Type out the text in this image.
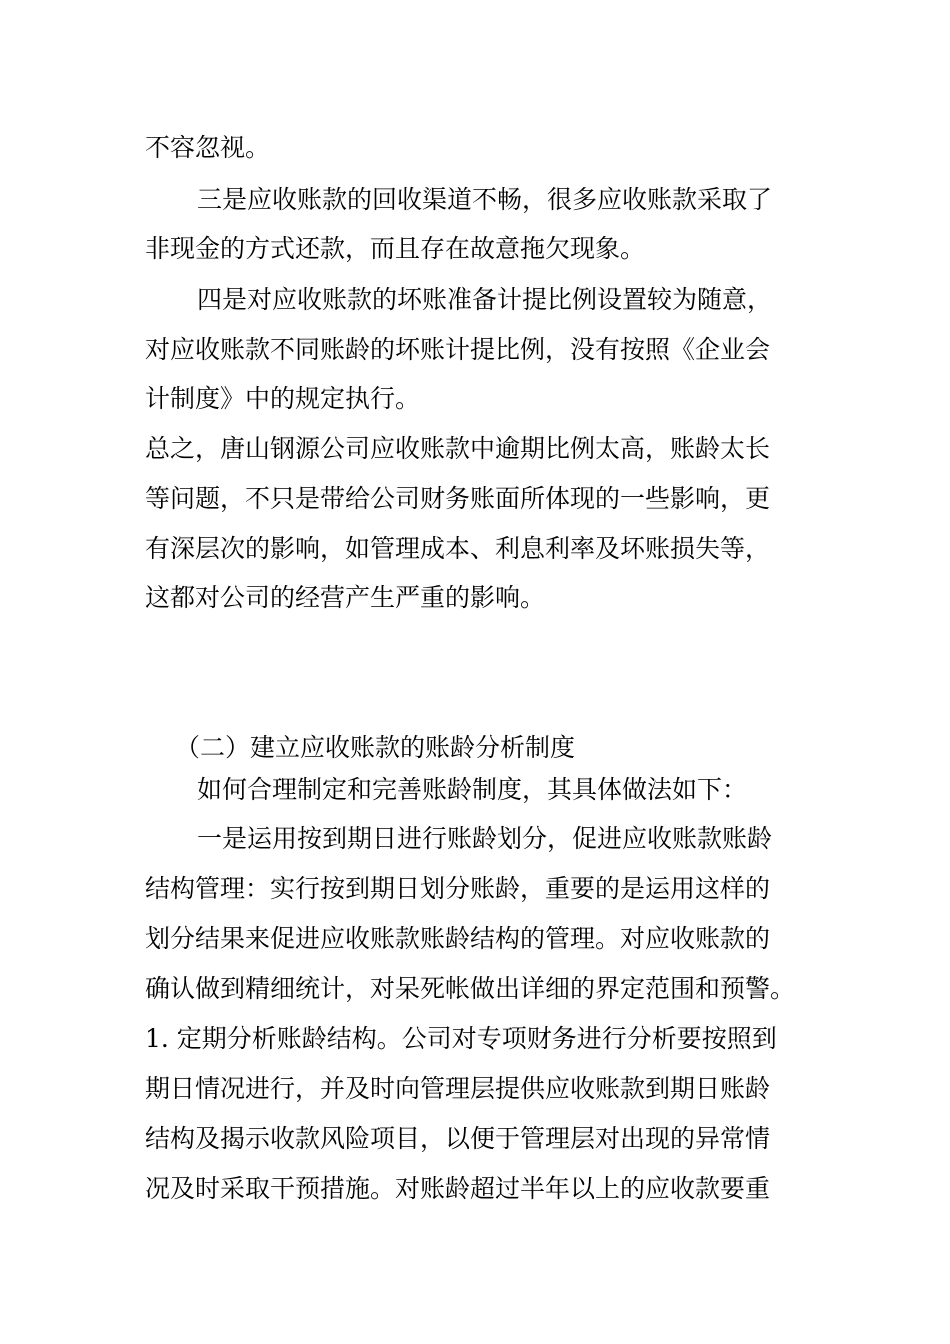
不容忽视。

三是应收账款的回收渠道不畅，很多应收账款采取了

非现金的方式还款，而且存在故意拖欠现象。

四是对应收账款的坏账准备计提比例设置较为随意，

对应收账款不同账龄的坏账计提比例，没有按照《企业会

计制度》中的规定执行。

总之，唐山钢源公司应收账款中逾期比例太高，账龄太长

等问题，不只是带给公司财务账面所体现的一些影响，更

有深层次的影响，如管理成本、利息利率及坏账损失等，

这都对公司的经营产生严重的影响。

（二）建立应收账款的账龄分析制度

如何合理制定和完善账龄制度，其具体做法如下：

一是运用按到期日进行账龄划分，促进应收账款账龄

结构管理：实行按到期日划分账龄，重要的是运用这样的

划分结果来促进应收账款账龄结构的管理。对应收账款的

确认做到精细统计，对呆死帐做出详细的界定范围和预警。

1. 定期分析账龄结构。公司对专项财务进行分析要按照到

期日情况进行，并及时向管理层提供应收账款到期日账龄

结构及揭示收款风险项目，以便于管理层对出现的异常情

况及时采取干预措施。对账龄超过半年以上的应收款要重
